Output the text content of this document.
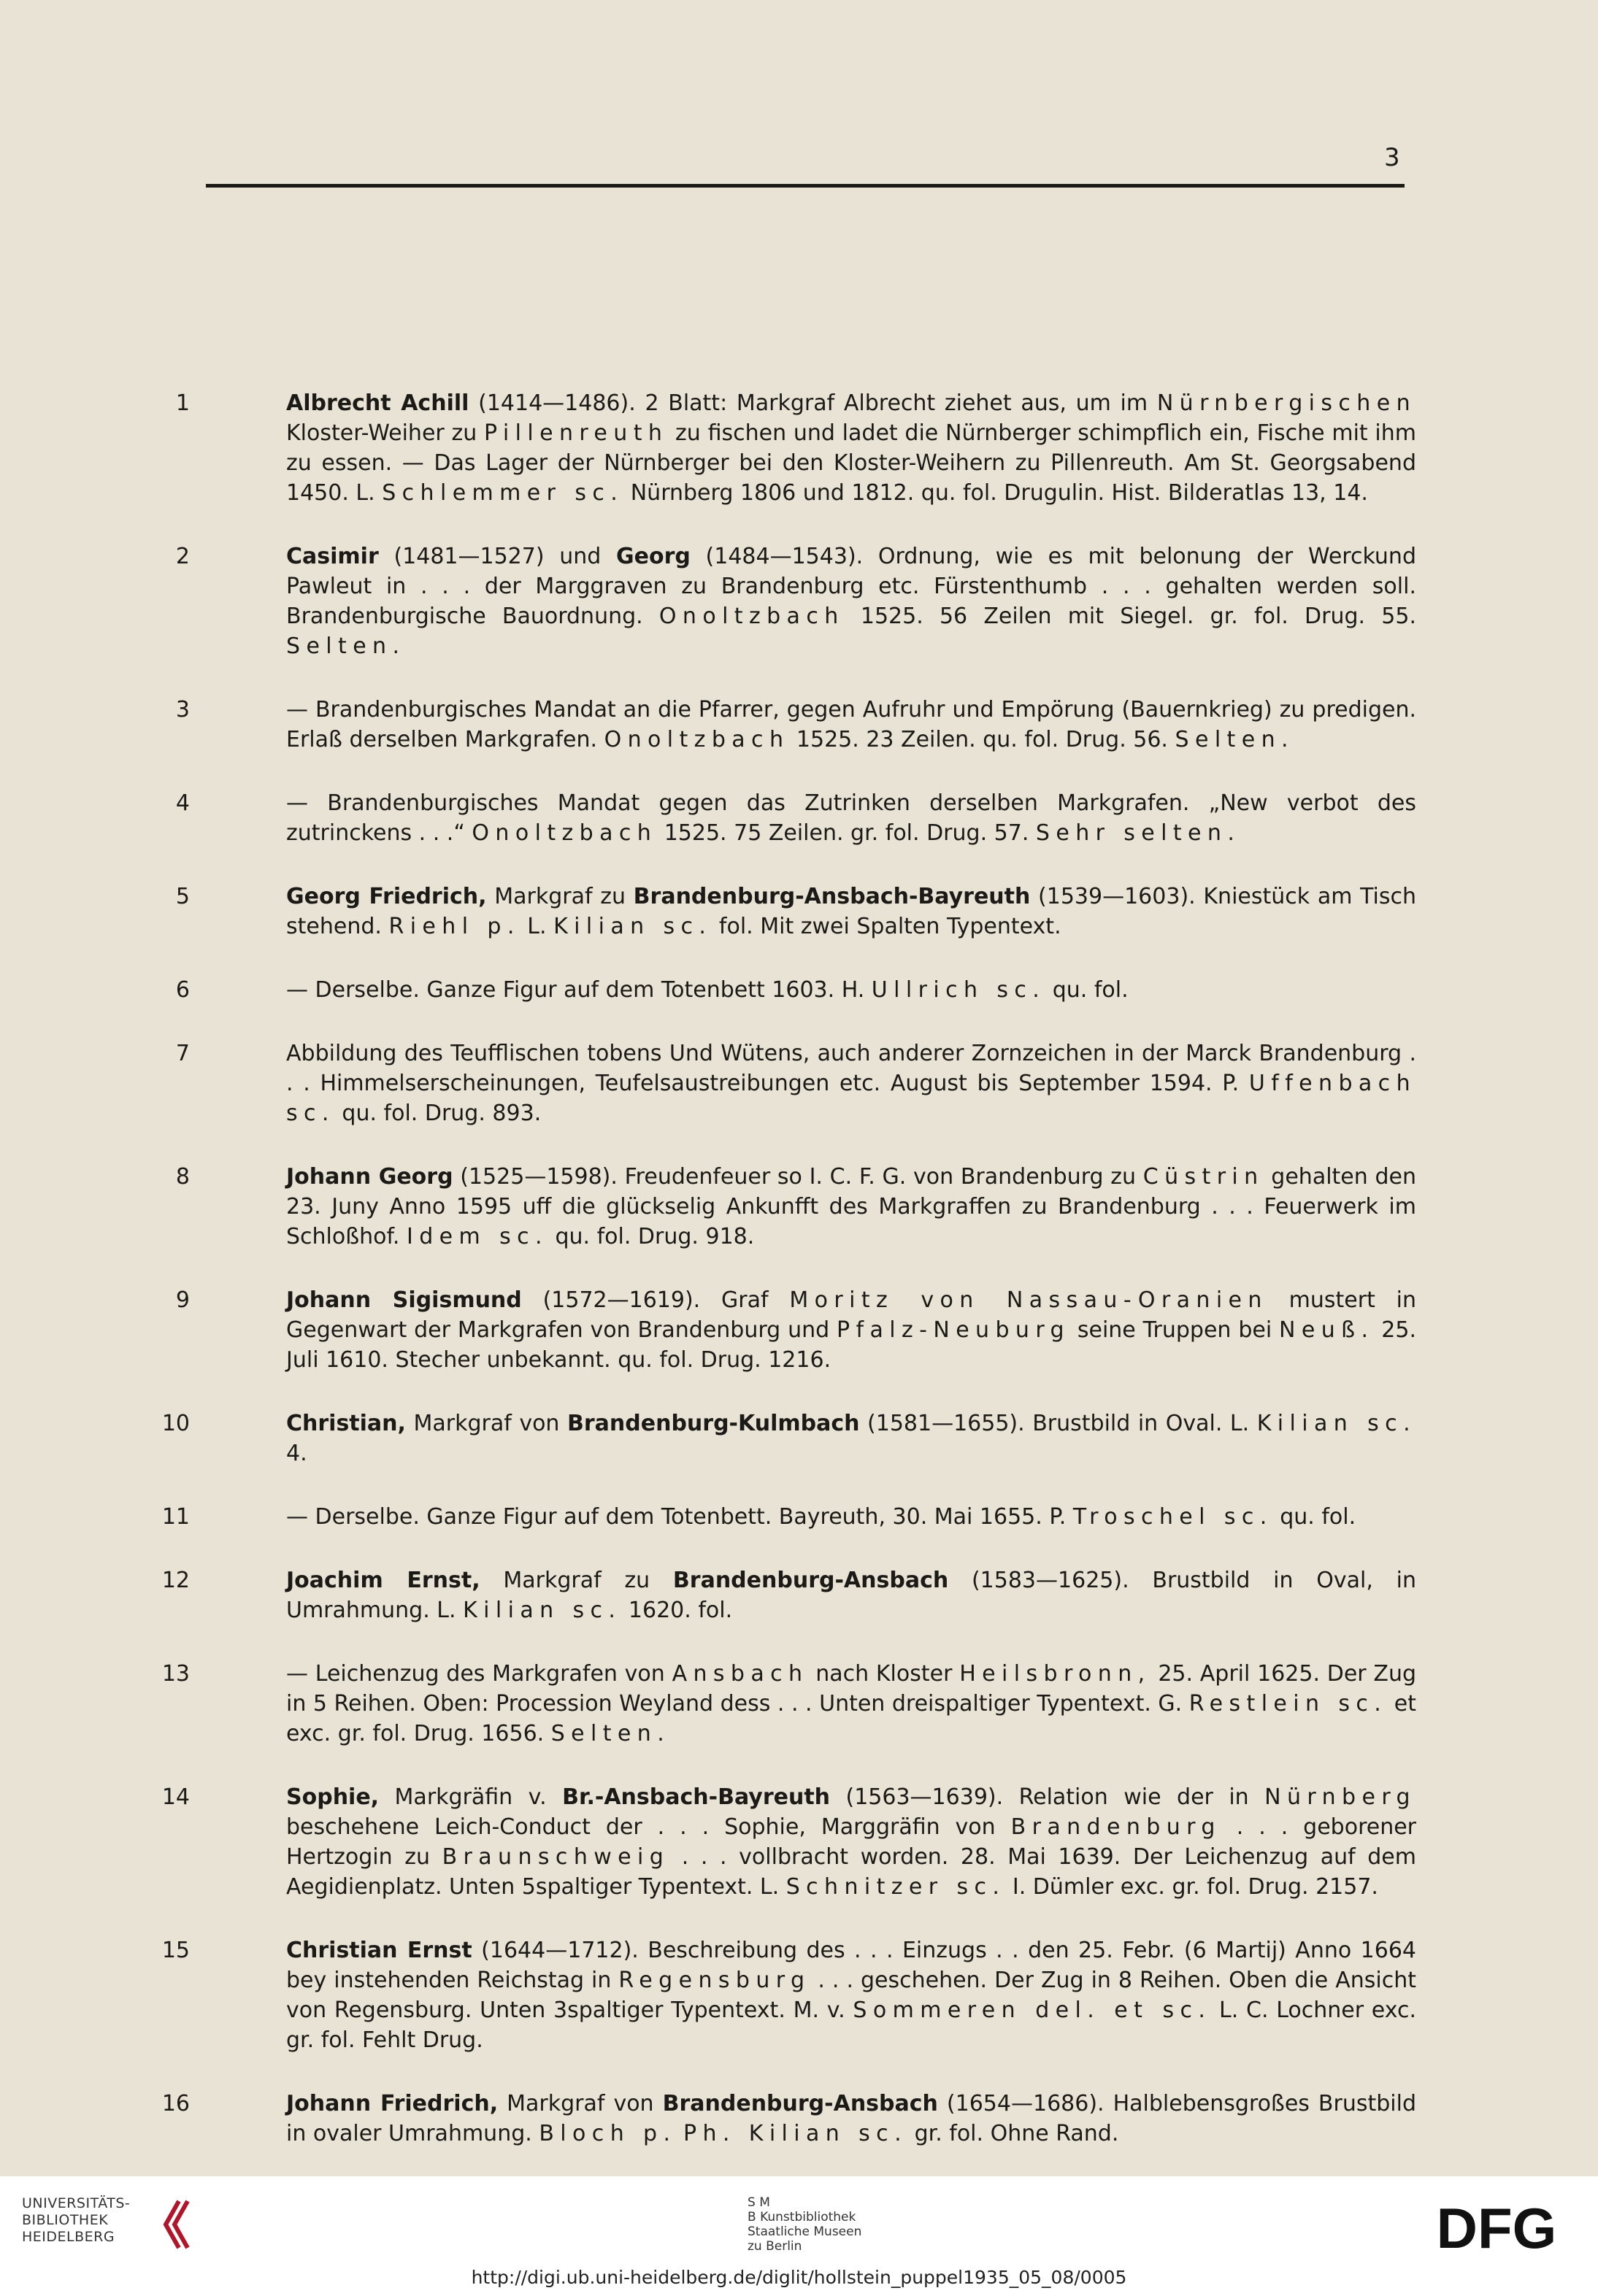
3
1	Albrecht Achill (1414—1486). 2 Blatt: Markgraf Albrecht ziehet aus, um im Nürnbergischen Kloster-Weiher zu Pillenreuth zu fischen und ladet die Nürnberger schimpflich ein, Fische mit ihm zu essen. — Das Lager der Nürnberger bei den Kloster-Weihern zu Pillenreuth. Am St. Georgsabend 1450. L. Schlemmer sc. Nürnberg 1806 und 1812. qu. fol. Drugulin. Hist. Bilderatlas 13, 14.
2	Casimir (1481—1527) und Georg (1484—1543). Ordnung, wie es mit belonung der Werckund Pawleut in . . . der Marggraven zu Brandenburg etc. Fürstenthumb . . . gehalten werden soll. Brandenburgische Bauordnung. Onoltzbach 1525. 56 Zeilen mit Siegel. gr. fol. Drug. 55. Selten.
3	— Brandenburgisches Mandat an die Pfarrer, gegen Aufruhr und Empörung (Bauernkrieg) zu predigen. Erlaß derselben Markgrafen. Onoltzbach 1525. 23 Zeilen. qu. fol. Drug. 56. Selten.
4	— Brandenburgisches Mandat gegen das Zutrinken derselben Markgrafen. „New verbot des zutrinckens . . .“ Onoltzbach 1525. 75 Zeilen. gr. fol. Drug. 57. Sehr selten.
5	Georg Friedrich, Markgraf zu Brandenburg-Ansbach-Bayreuth (1539—1603). Kniestück am Tisch stehend. Riehl p. L. Kilian sc. fol. Mit zwei Spalten Typentext.
6	— Derselbe. Ganze Figur auf dem Totenbett 1603. H. Ullrich sc. qu. fol.
7	Abbildung des Teufflischen tobens Und Wütens, auch anderer Zornzeichen in der Marck Brandenburg . . . Himmelserscheinungen, Teufelsaustreibungen etc. August bis September 1594. P. Uffenbach sc. qu. fol. Drug. 893.
8	Johann Georg (1525—1598). Freudenfeuer so I. C. F. G. von Brandenburg zu Cüstrin gehalten den 23. Juny Anno 1595 uff die glückselig Ankunfft des Markgraffen zu Brandenburg . . . Feuerwerk im Schloßhof. Idem sc. qu. fol. Drug. 918.
9	Johann Sigismund (1572—1619). Graf Moritz von Nassau-Oranien mustert in Gegenwart der Markgrafen von Brandenburg und Pfalz-Neuburg seine Truppen bei Neuß. 25. Juli 1610. Stecher unbekannt. qu. fol. Drug. 1216.
10	Christian, Markgraf von Brandenburg-Kulmbach (1581—1655). Brustbild in Oval. L. Kilian sc. 4.
11	— Derselbe. Ganze Figur auf dem Totenbett. Bayreuth, 30. Mai 1655. P. Troschel sc. qu. fol.
12	Joachim Ernst, Markgraf zu Brandenburg-Ansbach (1583—1625). Brustbild in Oval, in Umrahmung. L. Kilian sc. 1620. fol.
13	— Leichenzug des Markgrafen von Ansbach nach Kloster Heilsbronn, 25. April 1625. Der Zug in 5 Reihen. Oben: Procession Weyland dess . . . Unten dreispaltiger Typentext. G. Restlein sc. et exc. gr. fol. Drug. 1656. Selten.
14	Sophie, Markgräfin v. Br.-Ansbach-Bayreuth (1563—1639). Relation wie der in Nürnberg beschehene Leich-Conduct der . . . Sophie, Marggräfin von Brandenburg . . . geborener Hertzogin zu Braunschweig . . . vollbracht worden. 28. Mai 1639. Der Leichenzug auf dem Aegidienplatz. Unten 5spaltiger Typentext. L. Schnitzer sc. I. Dümler exc. gr. fol. Drug. 2157.
15	Christian Ernst (1644—1712). Beschreibung des . . . Einzugs . . den 25. Febr. (6 Martij) Anno 1664 bey instehenden Reichstag in Regensburg . . . geschehen. Der Zug in 8 Reihen. Oben die Ansicht von Regensburg. Unten 3spaltiger Typentext. M. v. Sommeren del. et sc. L. C. Lochner exc. gr. fol. Fehlt Drug.
16	Johann Friedrich, Markgraf von Brandenburg-Ansbach (1654—1686). Halblebensgroßes Brustbild in ovaler Umrahmung. Bloch p. Ph. Kilian sc. gr. fol. Ohne Rand.
UNIVERSITÄTS-
BIBLIOTHEK
HEIDELBERG
S M
B Kunstbibliothek
Staatliche Museen
zu Berlin	DFG
http://digi.ub.uni-heidelberg.de/diglit/hollstein_puppel1935_05_08/0005
